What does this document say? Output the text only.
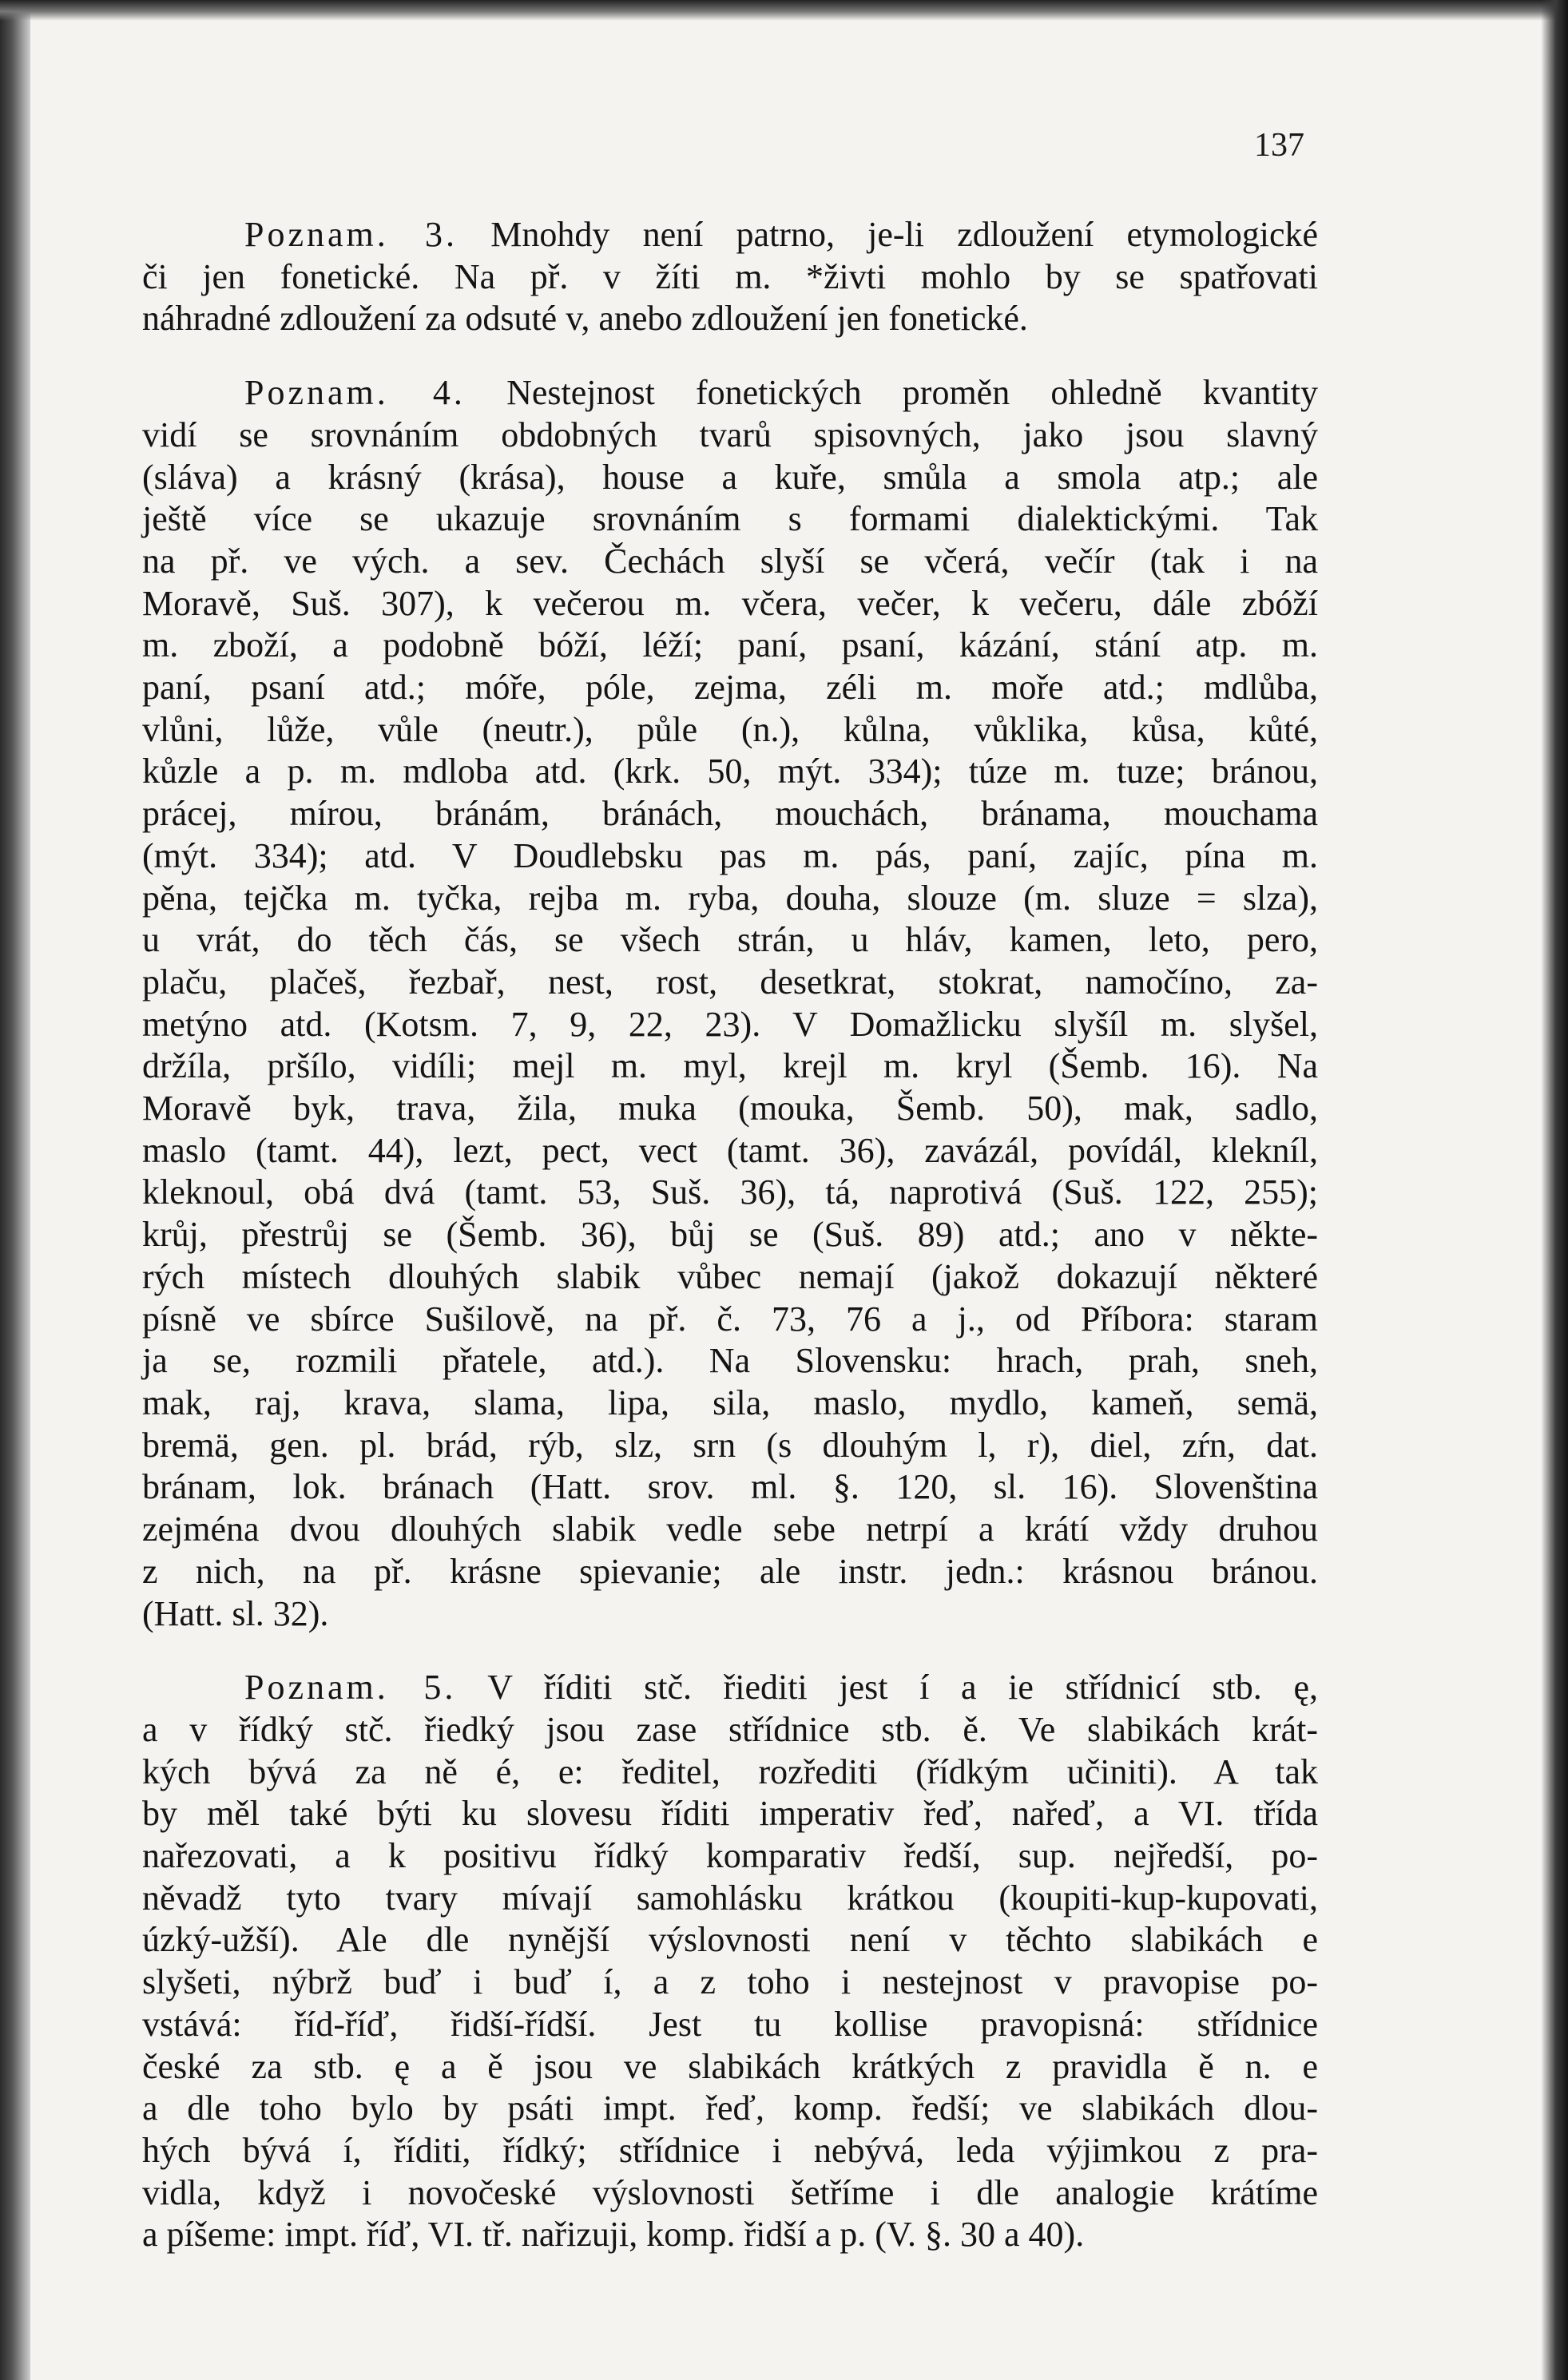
137

Poznam. 3. Mnohdy není patrno, je-li zdloužení etymologické
či jen fonetické. Na př. v žíti m. *živti mohlo by se spatřovati
náhradné zdloužení za odsuté v, anebo zdloužení jen fonetické.

Poznam. 4. Nestejnost fonetických proměn ohledně kvantity
vidí se srovnáním obdobných tvarů spisovných, jako jsou slavný
(sláva) a krásný (krása), house a kuře, smůla a smola atp.; ale
ještě více se ukazuje srovnáním s formami dialektickými. Tak
na př. ve vých. a sev. Čechách slyší se včerá, večír (tak i na
Moravě, Suš. 307), k večerou m. včera, večer, k večeru, dále zbóží
m. zboží, a podobně bóží, léží; paní, psaní, kázání, stání atp. m.
paní, psaní atd.; móře, póle, zejma, zéli m. moře atd.; mdlůba,
vlůni, lůže, vůle (neutr.), půle (n.), kůlna, vůklika, kůsa, kůté,
kůzle a p. m. mdloba atd. (krk. 50, mýt. 334); túze m. tuze; bránou,
prácej, mírou, bránám, bránách, mouchách, bránama, mouchama
(mýt. 334); atd. V Doudlebsku pas m. pás, paní, zajíc, pína m.
pěna, tejčka m. tyčka, rejba m. ryba, douha, slouze (m. sluze = slza),
u vrát, do těch čás, se všech strán, u hláv, kamen, leto, pero,
plaču, plačeš, řezbař, nest, rost, desetkrat, stokrat, namočíno, za-
metýno atd. (Kotsm. 7, 9, 22, 23). V Domažlicku slyšíl m. slyšel,
držíla, pršílo, vidíli; mejl m. myl, krejl m. kryl (Šemb. 16). Na
Moravě byk, trava, žila, muka (mouka, Šemb. 50), mak, sadlo,
maslo (tamt. 44), lezt, pect, vect (tamt. 36), zavázál, povídál, klekníl,
kleknoul, obá dvá (tamt. 53, Suš. 36), tá, naprotivá (Suš. 122, 255);
krůj, přestrůj se (Šemb. 36), bůj se (Suš. 89) atd.; ano v někte-
rých místech dlouhých slabik vůbec nemají (jakož dokazují některé
písně ve sbírce Sušilově, na př. č. 73, 76 a j., od Příbora: staram
ja se, rozmili přatele, atd.). Na Slovensku: hrach, prah, sneh,
mak, raj, krava, slama, lipa, sila, maslo, mydlo, kameň, semä,
bremä, gen. pl. brád, rýb, slz, srn (s dlouhým l, r), diel, zŕn, dat.
bránam, lok. bránach (Hatt. srov. ml. §. 120, sl. 16). Slovenština
zejména dvou dlouhých slabik vedle sebe netrpí a krátí vždy druhou
z nich, na př. krásne spievanie; ale instr. jedn.: krásnou bránou.
(Hatt. sl. 32).

Poznam. 5. V říditi stč. řiediti jest í a ie střídnicí stb. ę,
a v řídký stč. řiedký jsou zase střídnice stb. ě. Ve slabikách krát-
kých bývá za ně é, e: ředitel, rozřediti (řídkým učiniti). A tak
by měl také býti ku slovesu říditi imperativ řeď, nařeď, a VI. třída
nařezovati, a k positivu řídký komparativ ředší, sup. nejředší, po-
něvadž tyto tvary mívají samohlásku krátkou (koupiti-kup-kupovati,
úzký-užší). Ale dle nynější výslovnosti není v těchto slabikách e
slyšeti, nýbrž buď i buď í, a z toho i nestejnost v pravopise po-
vstává: říd-říď, řidší-řídší. Jest tu kollise pravopisná: střídnice
české za stb. ę a ě jsou ve slabikách krátkých z pravidla ě n. e
a dle toho bylo by psáti impt. řeď, komp. ředší; ve slabikách dlou-
hých bývá í, říditi, řídký; střídnice i nebývá, leda výjimkou z pra-
vidla, když i novočeské výslovnosti šetříme i dle analogie krátíme
a píšeme: impt. říď, VI. tř. nařizuji, komp. řidší a p. (V. §. 30 a 40).
